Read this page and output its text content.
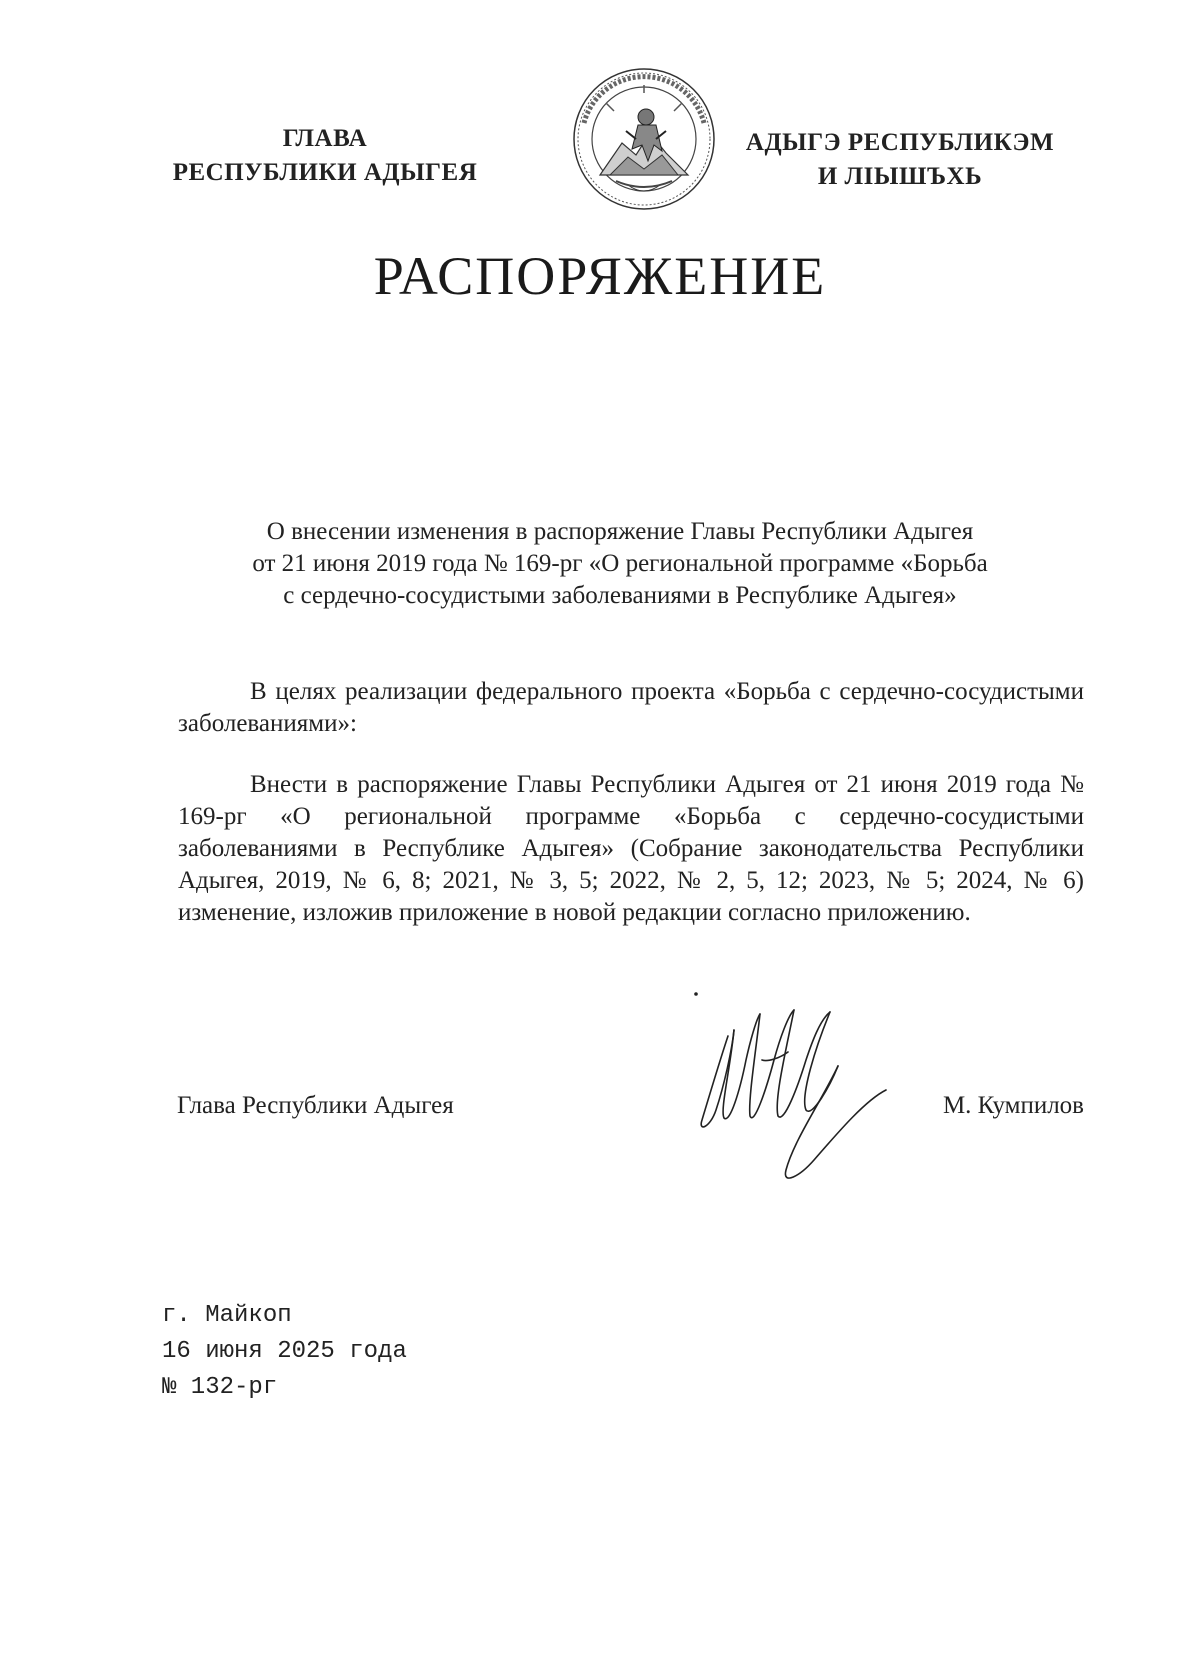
ГЛАВА
РЕСПУБЛИКИ АДЫГЕЯ
АДЫГЭ РЕСПУБЛИКЭМ
И ЛІЫШЪХЬ
РАСПОРЯЖЕНИЕ
О внесении изменения в распоряжение Главы Республики Адыгея
от 21 июня 2019 года № 169-рг «О региональной программе «Борьба
с сердечно-сосудистыми заболеваниями в Республике Адыгея»
В целях реализации федерального проекта «Борьба с сердечно-сосудистыми заболеваниями»:
Внести в распоряжение Главы Республики Адыгея от 21 июня 2019 года № 169-рг «О региональной программе «Борьба с сердечно-сосудистыми заболеваниями в Республике Адыгея» (Собрание законодательства Республики Адыгея, 2019, № 6, 8; 2021, № 3, 5; 2022, № 2, 5, 12; 2023, № 5; 2024, № 6) изменение, изложив приложение в новой редакции согласно приложению.
Глава Республики Адыгея	М. Кумпилов
г. Майкоп
16 июня 2025 года
№ 132-рг
